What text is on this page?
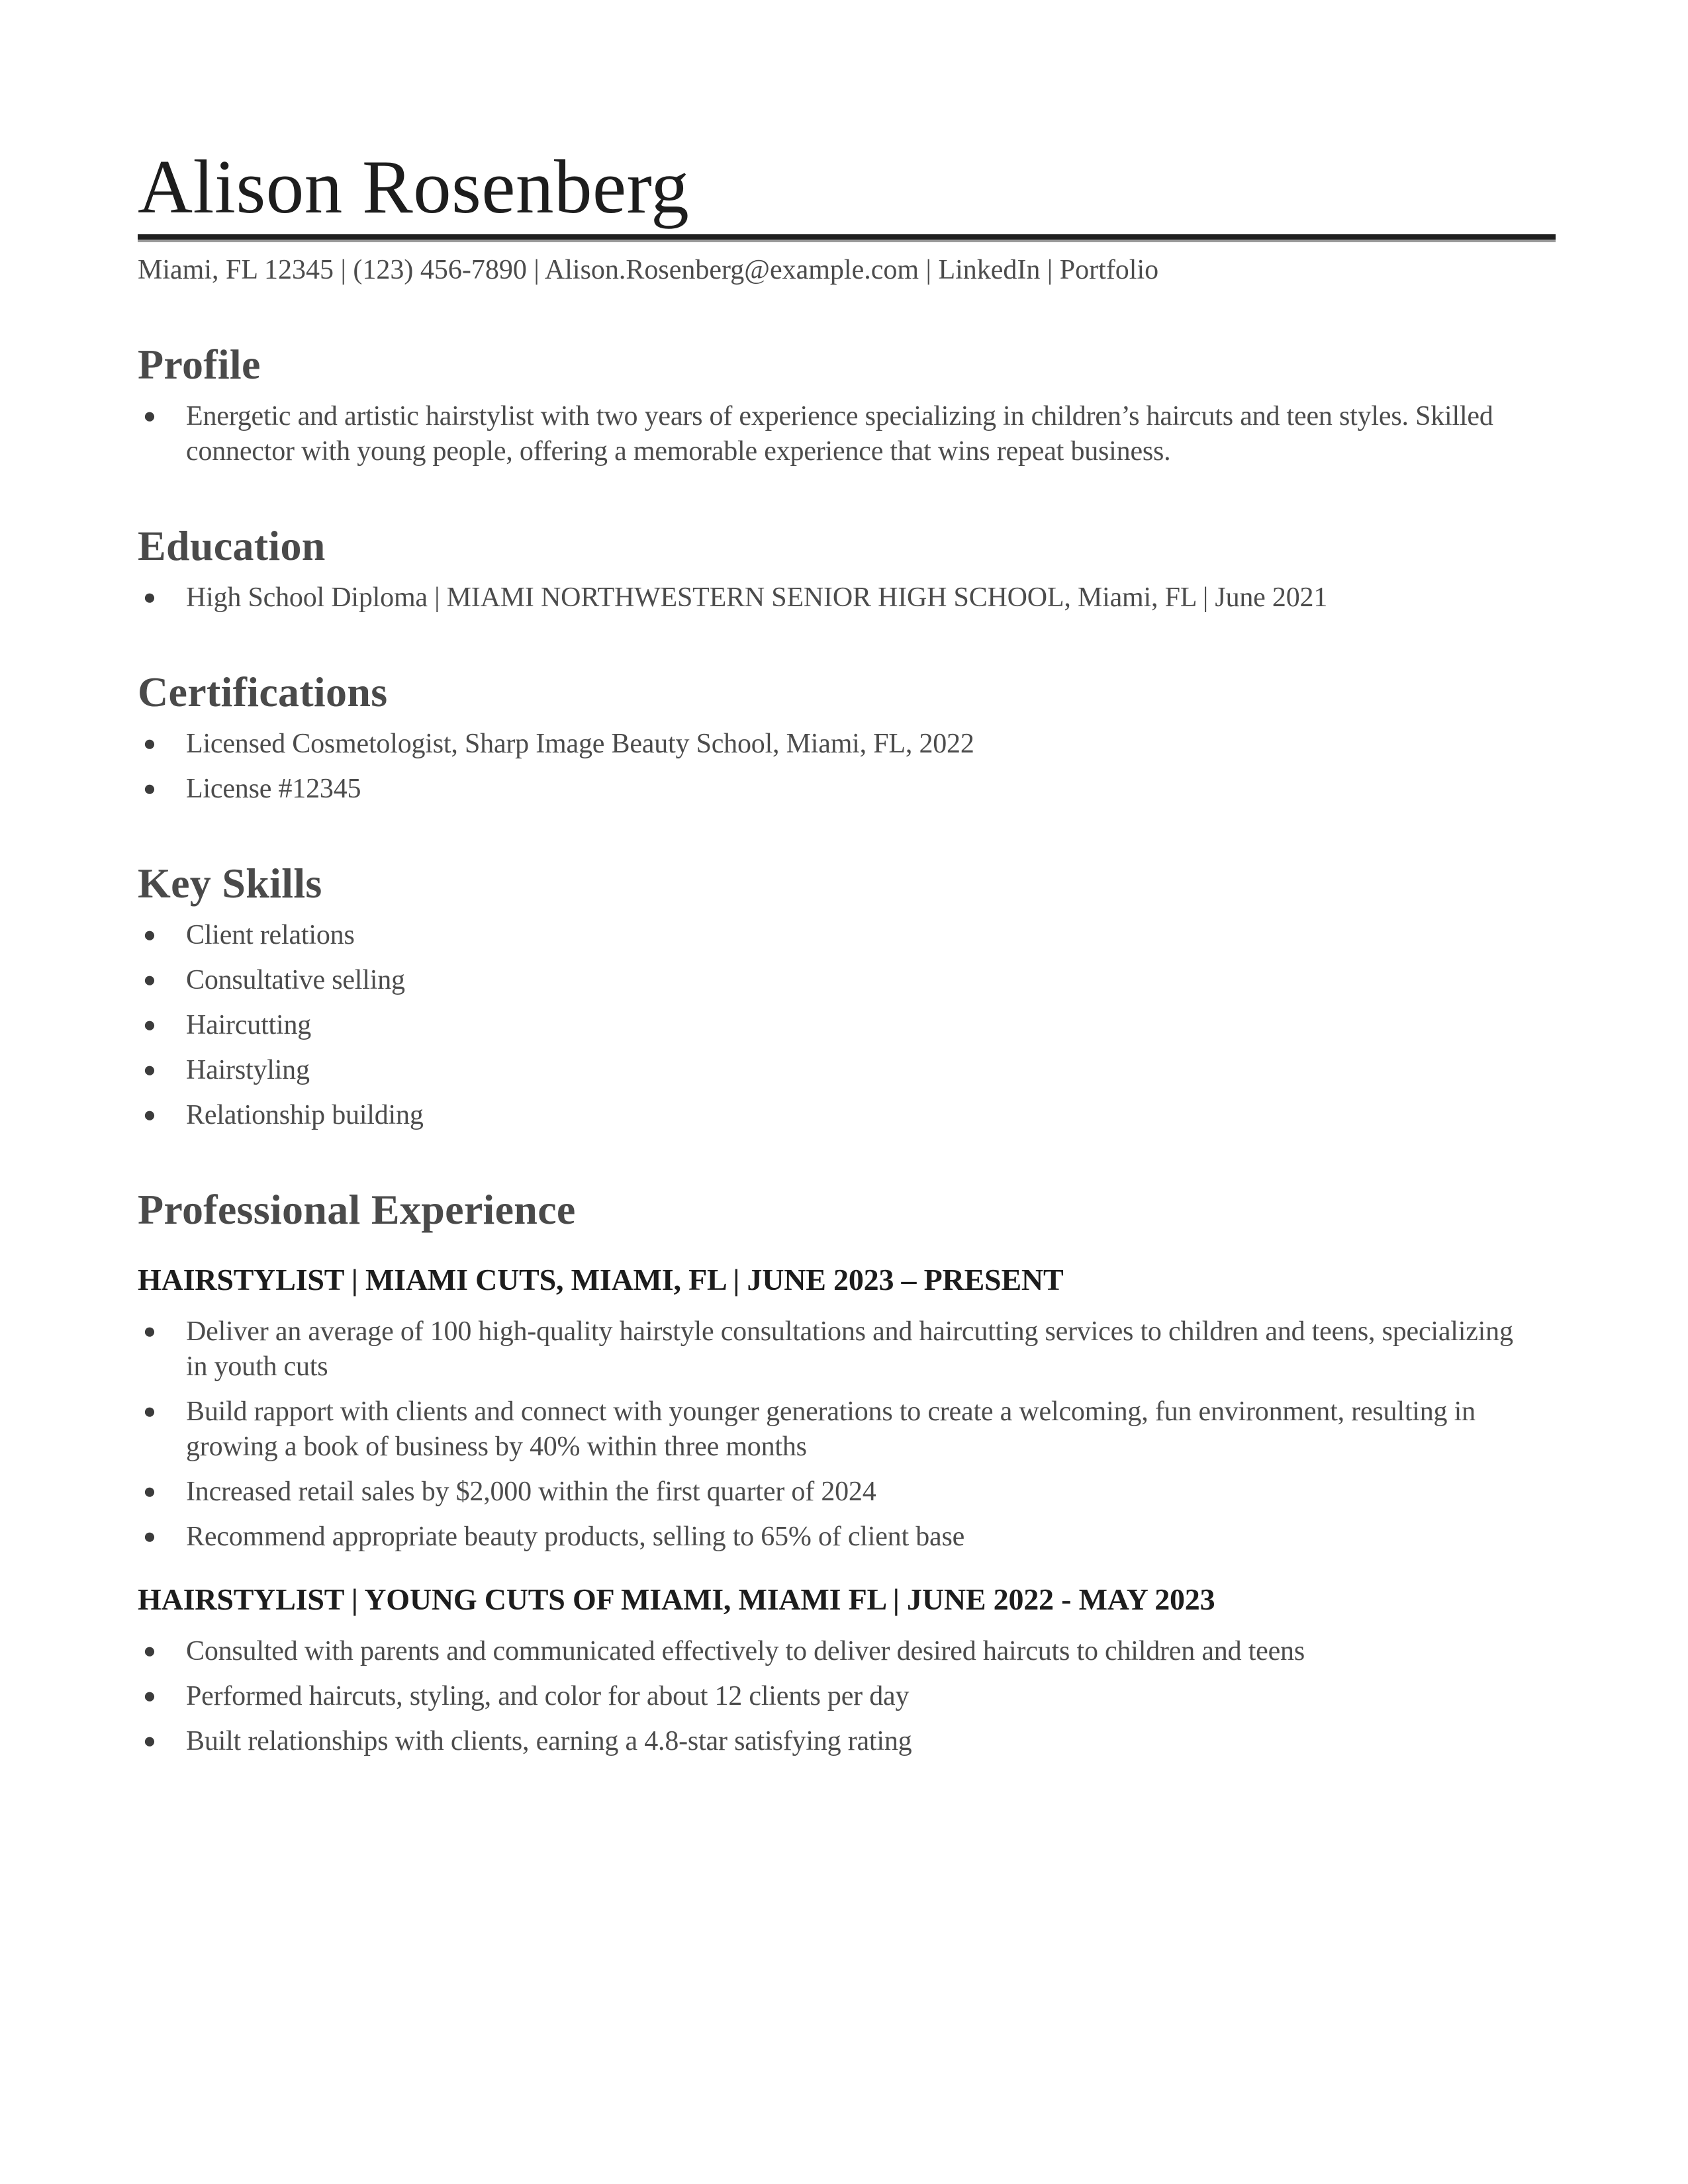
Alison Rosenberg
Miami, FL 12345 | (123) 456-7890 | Alison.Rosenberg@example.com | LinkedIn | Portfolio
Profile
● Energetic and artistic hairstylist with two years of experience specializing in children’s haircuts and teen styles. Skilled connector with young people, offering a memorable experience that wins repeat business.
Education
● High School Diploma | MIAMI NORTHWESTERN SENIOR HIGH SCHOOL, Miami, FL | June 2021
Certifications
● Licensed Cosmetologist, Sharp Image Beauty School, Miami, FL, 2022
● License #12345
Key Skills
● Client relations
● Consultative selling
● Haircutting
● Hairstyling
● Relationship building
Professional Experience
HAIRSTYLIST | MIAMI CUTS, MIAMI, FL | JUNE 2023 – PRESENT
● Deliver an average of 100 high-quality hairstyle consultations and haircutting services to children and teens, specializing in youth cuts
● Build rapport with clients and connect with younger generations to create a welcoming, fun environment, resulting in growing a book of business by 40% within three months
● Increased retail sales by $2,000 within the first quarter of 2024
● Recommend appropriate beauty products, selling to 65% of client base
HAIRSTYLIST | YOUNG CUTS OF MIAMI, MIAMI FL | JUNE 2022 - MAY 2023
● Consulted with parents and communicated effectively to deliver desired haircuts to children and teens
● Performed haircuts, styling, and color for about 12 clients per day
● Built relationships with clients, earning a 4.8-star satisfying rating
